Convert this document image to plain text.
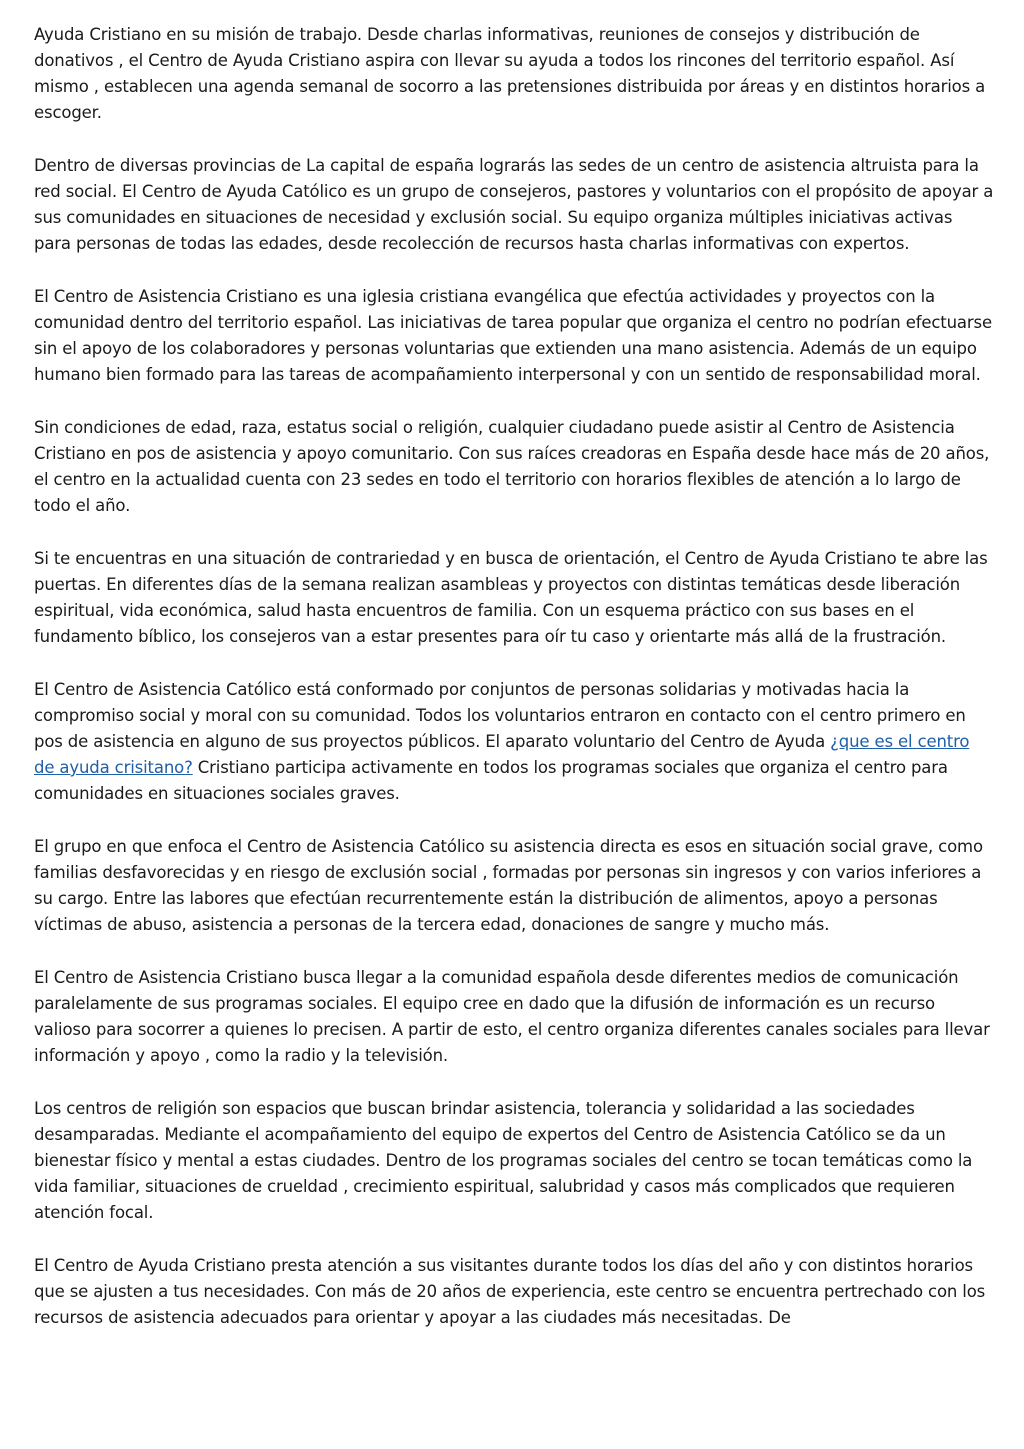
Ayuda Cristiano en su misión de trabajo. Desde charlas informativas, reuniones de consejos y distribución de donativos , el Centro de Ayuda Cristiano aspira con llevar su ayuda a todos los rincones del territorio español. Así mismo , establecen una agenda semanal de socorro a las pretensiones distribuida por áreas y en distintos horarios a escoger.

Dentro de diversas provincias de La capital de españa lograrás las sedes de un centro de asistencia altruista para la red social. El Centro de Ayuda Católico es un grupo de consejeros, pastores y voluntarios con el propósito de apoyar a sus comunidades en situaciones de necesidad y exclusión social. Su equipo organiza múltiples iniciativas activas para personas de todas las edades, desde recolección de recursos hasta charlas informativas con expertos.

El Centro de Asistencia Cristiano es una iglesia cristiana evangélica que efectúa actividades y proyectos con la comunidad dentro del territorio español. Las iniciativas de tarea popular que organiza el centro no podrían efectuarse sin el apoyo de los colaboradores y personas voluntarias que extienden una mano asistencia. Además de un equipo humano bien formado para las tareas de acompañamiento interpersonal y con un sentido de responsabilidad moral.

Sin condiciones de edad, raza, estatus social o religión, cualquier ciudadano puede asistir al Centro de Asistencia Cristiano en pos de asistencia y apoyo comunitario. Con sus raíces creadoras en España desde hace más de 20 años, el centro en la actualidad cuenta con 23 sedes en todo el territorio con horarios flexibles de atención a lo largo de todo el año.

Si te encuentras en una situación de contrariedad y en busca de orientación, el Centro de Ayuda Cristiano te abre las puertas. En diferentes días de la semana realizan asambleas y proyectos con distintas temáticas desde liberación espiritual, vida económica, salud hasta encuentros de familia. Con un esquema práctico con sus bases en el fundamento bíblico, los consejeros van a estar presentes para oír tu caso y orientarte más allá de la frustración.

El Centro de Asistencia Católico está conformado por conjuntos de personas solidarias y motivadas hacia la compromiso social y moral con su comunidad. Todos los voluntarios entraron en contacto con el centro primero en pos de asistencia en alguno de sus proyectos públicos. El aparato voluntario del Centro de Ayuda ¿que es el centro de ayuda crisitano? Cristiano participa activamente en todos los programas sociales que organiza el centro para comunidades en situaciones sociales graves.

El grupo en que enfoca el Centro de Asistencia Católico su asistencia directa es esos en situación social grave, como familias desfavorecidas y en riesgo de exclusión social , formadas por personas sin ingresos y con varios inferiores a su cargo. Entre las labores que efectúan recurrentemente están la distribución de alimentos, apoyo a personas víctimas de abuso, asistencia a personas de la tercera edad, donaciones de sangre y mucho más.

El Centro de Asistencia Cristiano busca llegar a la comunidad española desde diferentes medios de comunicación paralelamente de sus programas sociales. El equipo cree en dado que la difusión de información es un recurso valioso para socorrer a quienes lo precisen. A partir de esto, el centro organiza diferentes canales sociales para llevar información y apoyo , como la radio y la televisión.

Los centros de religión son espacios que buscan brindar asistencia, tolerancia y solidaridad a las sociedades desamparadas. Mediante el acompañamiento del equipo de expertos del Centro de Asistencia Católico se da un bienestar físico y mental a estas ciudades. Dentro de los programas sociales del centro se tocan temáticas como la vida familiar, situaciones de crueldad , crecimiento espiritual, salubridad y casos más complicados que requieren atención focal.

El Centro de Ayuda Cristiano presta atención a sus visitantes durante todos los días del año y con distintos horarios que se ajusten a tus necesidades. Con más de 20 años de experiencia, este centro se encuentra pertrechado con los recursos de asistencia adecuados para orientar y apoyar a las ciudades más necesitadas. De
